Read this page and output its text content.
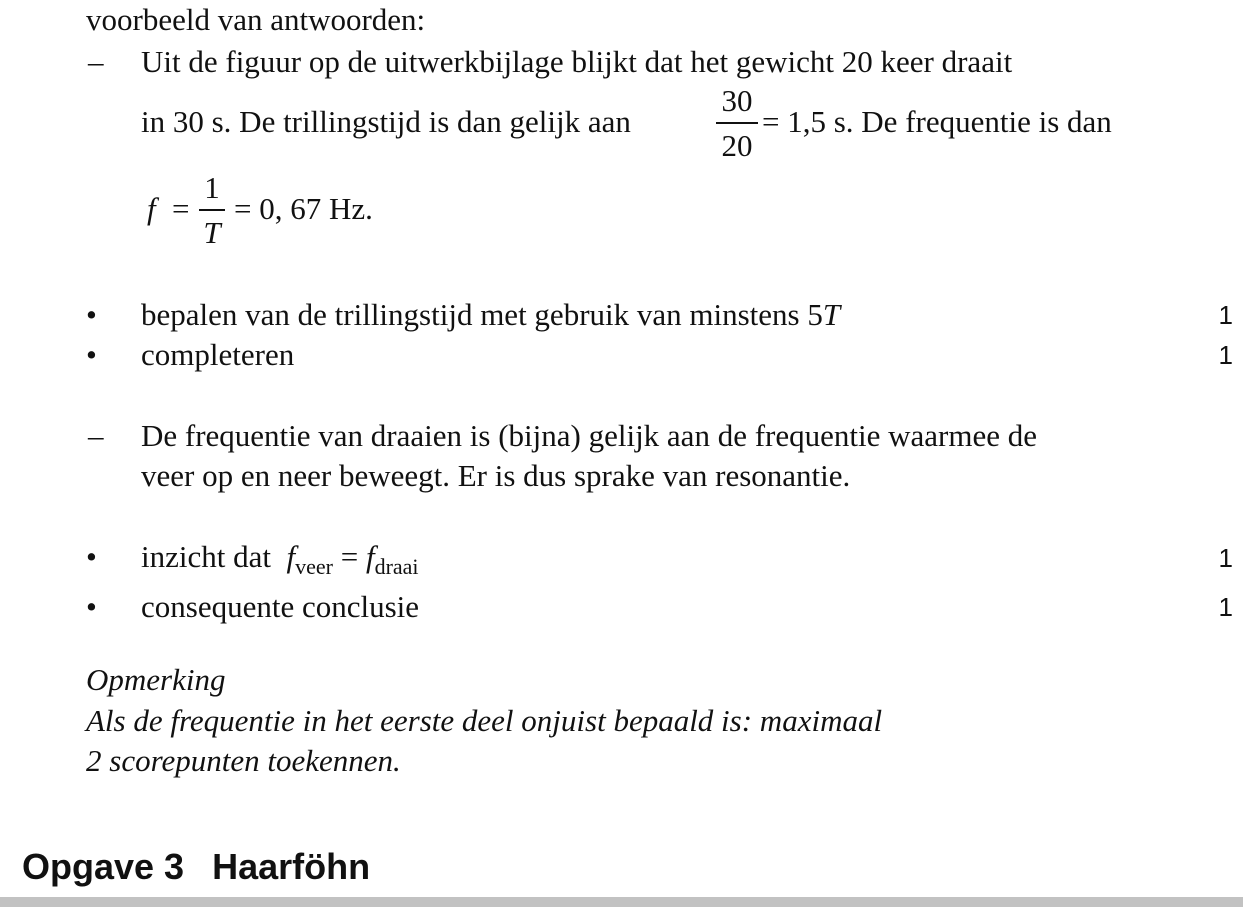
voorbeeld van antwoorden:
– Uit de figuur op de uitwerkbijlage blijkt dat het gewicht 20 keer draait
in 30 s. De trillingstijd is dan gelijk aan
30
20
= 1,5 s. De frequentie is dan
f =
1
T
= 0, 67 Hz.
• bepalen van de trillingstijd met gebruik van minstens 5T	1
• completeren	1
– De frequentie van draaien is (bijna) gelijk aan de frequentie waarmee de
veer op en neer beweegt. Er is dus sprake van resonantie.
• inzicht dat $f_{veer} = f_{draai}$	1
• consequente conclusie	1
Opmerking
Als de frequentie in het eerste deel onjuist bepaald is: maximaal
2 scorepunten toekennen.
Opgave 3 Haarföhn
